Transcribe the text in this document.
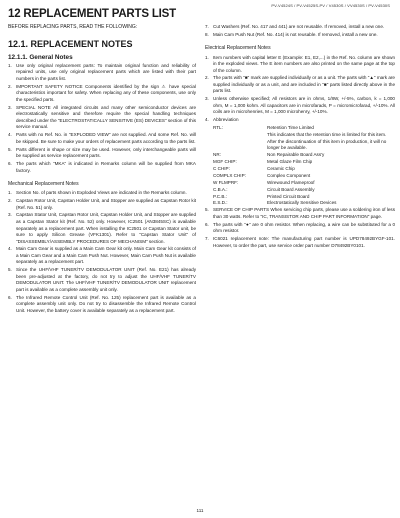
PV-V4524S / PV-V4525S-PV / V4530S / VV4530S / PV-V4530S
12 REPLACEMENT PARTS LIST
BEFORE REPLACING PARTS, READ THE FOLLOWING:
12.1. REPLACEMENT NOTES
12.1.1. General Notes
1. Use only original replacement parts: To maintain original function and reliability of repaired units, use only original replacement parts which are listed with their part numbers in the parts list.
2. IMPORTANT SAFETY NOTICE Components identified by the sign ⚠ have special characteristics important for safety. When replacing any of these components, use only the specified parts.
3. SPECIAL NOTE All integrated circuits and many other semiconductor devices are electrostatically sensitive and therefore require the special handling techniques described under the "ELECTROSTATICALLY SENSITIVE (ES) DEVICES" section of this service manual.
4. Parts with no Ref. No. in "EXPLODED VIEW" are not supplied. And some Ref. No. will be skipped. Be sure to make your orders of replacement parts according to the parts list.
5. Parts different in shape or size may be used. However, only interchangeable parts will be supplied as service replacement parts.
6. The parts which "MKA" is indicated in Remarks column will be supplied from MKA factory.
Mechanical Replacement Notes
1. Section No. of parts shown in Exploded Views are indicated in the Remarks column.
2. Capstan Rotor Unit, Capstan Holder Unit, and Stopper are supplied as Capstan Rotor kit (Ref. No. 51) only.
3. Capstan Stator Unit, Capstan Rotor Unit, Capstan Holder Unit, and Stopper are supplied as a Capstan Stator kit (Ref. No. 52) only. However, IC2501 (AN3845SC) is available separately as a replacement part. When installing the IC2501 or Capstan Stator unit, be sure to apply Silicon Grease (VFK1301). Refer to "Capstan Stator Unit" of "DISASSEMBLY/ASSEMBLY PROCEDURES OF MECHANISM" section.
4. Main Cam Gear is supplied as a Main Cam Gear kit only. Main Cam Gear kit consists of a Main Cam Gear and a Main Cam Push Nut. However, Main Cam Push Nut is available separately as a replacement part.
5. Since the UHF/VHF TUNER/TV DEMODULATOR UNIT (Ref. No. E21) has already been pre-adjusted at the factory, do not try to adjust the UHF/VHF TUNER/TV DEMODULATOR UNIT. The UHF/VHF TUNER/TV DEMODULATOR UNIT replacement part is available as a complete assembly unit only.
6. The Infrared Remote Control Unit (Ref. No. 125) replacement part is available as a complete assembly unit only. Do not try to disassemble the Infrared Remote Control Unit. However, the battery cover is available separately as a replacement part.
7. Cut Washers (Ref. No. 417 and 441) are not reusable. If removed, install a new one.
8. Main Cam Push Nut (Ref. No. 414) is not reusable. If removed, install a new one.
Electrical Replacement Notes
1. Item numbers with capital letter E (Example: E1, E2,...) in the Ref. No. column are shown in the exploded views. The E item numbers are also printed on the same page at the top of the column.
2. The parts with "■" mark are supplied individually or as a unit. The parts with "▲" mark are supplied individually or as a unit, and are included in "■" parts listed directly above in the parts list.
3. Unless otherwise specified; All resistors are in ohms, 1/8W, +/-5%, carbon, k = 1,000 ohm, M = 1,000 kohm. All capacitors are in microfarads, P = micromicrofarad, +/-10%. All coils are in microhenries, M = 1,000 microhenry, +/-10%.
4. Abbreviation
RTL:	Retention Time Limited
This indicates that the retention time is limited for this item. After the discontinuation of this item in production, it will no longer be available.
NR:	Non Repairable Board Ass'y
MGF CHIP:	Metal Glaze Film Chip
C CHIP:	Ceramic Chip
COMPLX CHIP:	Complex Component
W FLMPRF:	Wirewound Flameproof
C.B.A.:	Circuit Board Assembly
P.C.B.:	Printed Circuit Board
E.S.D.:	Electrostatically Sensitive Devices
5. SERVICE OF CHIP PARTS When servicing chip parts, please use a soldering iron of less than 30 watts. Refer to "IC, TRANSISTOR AND CHIP PART INFORMATION" page.
6. The parts with "●" are 0 ohm resistor. When replacing, a wire can be substituted for a 0 ohm resistor.
7. IC6021 replacement note: The manufacturing part number is UPD78492BYGF-101. However, to order the part, use service order part number D78492BY0101.
111
